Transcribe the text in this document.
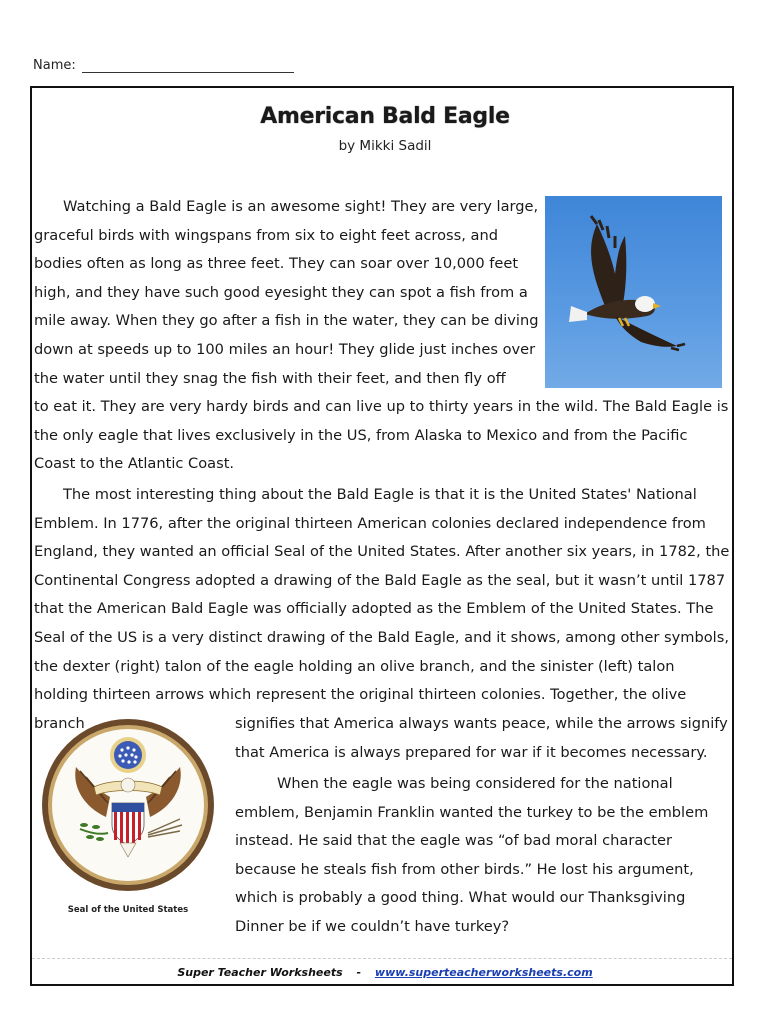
Name:
American Bald Eagle
by Mikki Sadil

Watching a Bald Eagle is an awesome sight! They are very large, graceful birds with wingspans from six to eight feet across, and bodies often as long as three feet. They can soar over 10,000 feet high, and they have such good eyesight they can spot a fish from a mile away. When they go after a fish in the water, they can be diving down at speeds up to 100 miles an hour! They glide just inches over the water until they snag the fish with their feet, and then fly off

to eat it. They are very hardy birds and can live up to thirty years in the wild. The Bald Eagle is the only eagle that lives exclusively in the US, from Alaska to Mexico and from the Pacific Coast to the Atlantic Coast.

The most interesting thing about the Bald Eagle is that it is the United States' National Emblem. In 1776, after the original thirteen American colonies declared independence from England, they wanted an official Seal of the United States. After another six years, in 1782, the Continental Congress adopted a drawing of the Bald Eagle as the seal, but it wasn’t until 1787 that the American Bald Eagle was officially adopted as the Emblem of the United States. The Seal of the US is a very distinct drawing of the Bald Eagle, and it shows, among other symbols, the dexter (right) talon of the eagle holding an olive branch, and the sinister (left) talon holding thirteen arrows which represent the original thirteen colonies. Together, the olive branch	signifies that America always wants peace, while the arrows signify that America is always prepared for war if it becomes necessary.

Seal of the United States

When the eagle was being considered for the national emblem, Benjamin Franklin wanted the turkey to be the emblem instead. He said that the eagle was “of bad moral character because he steals fish from other birds.” He lost his argument, which is probably a good thing. What would our Thanksgiving Dinner be if we couldn’t have turkey?

Super Teacher Worksheets - www.superteacherworksheets.com
